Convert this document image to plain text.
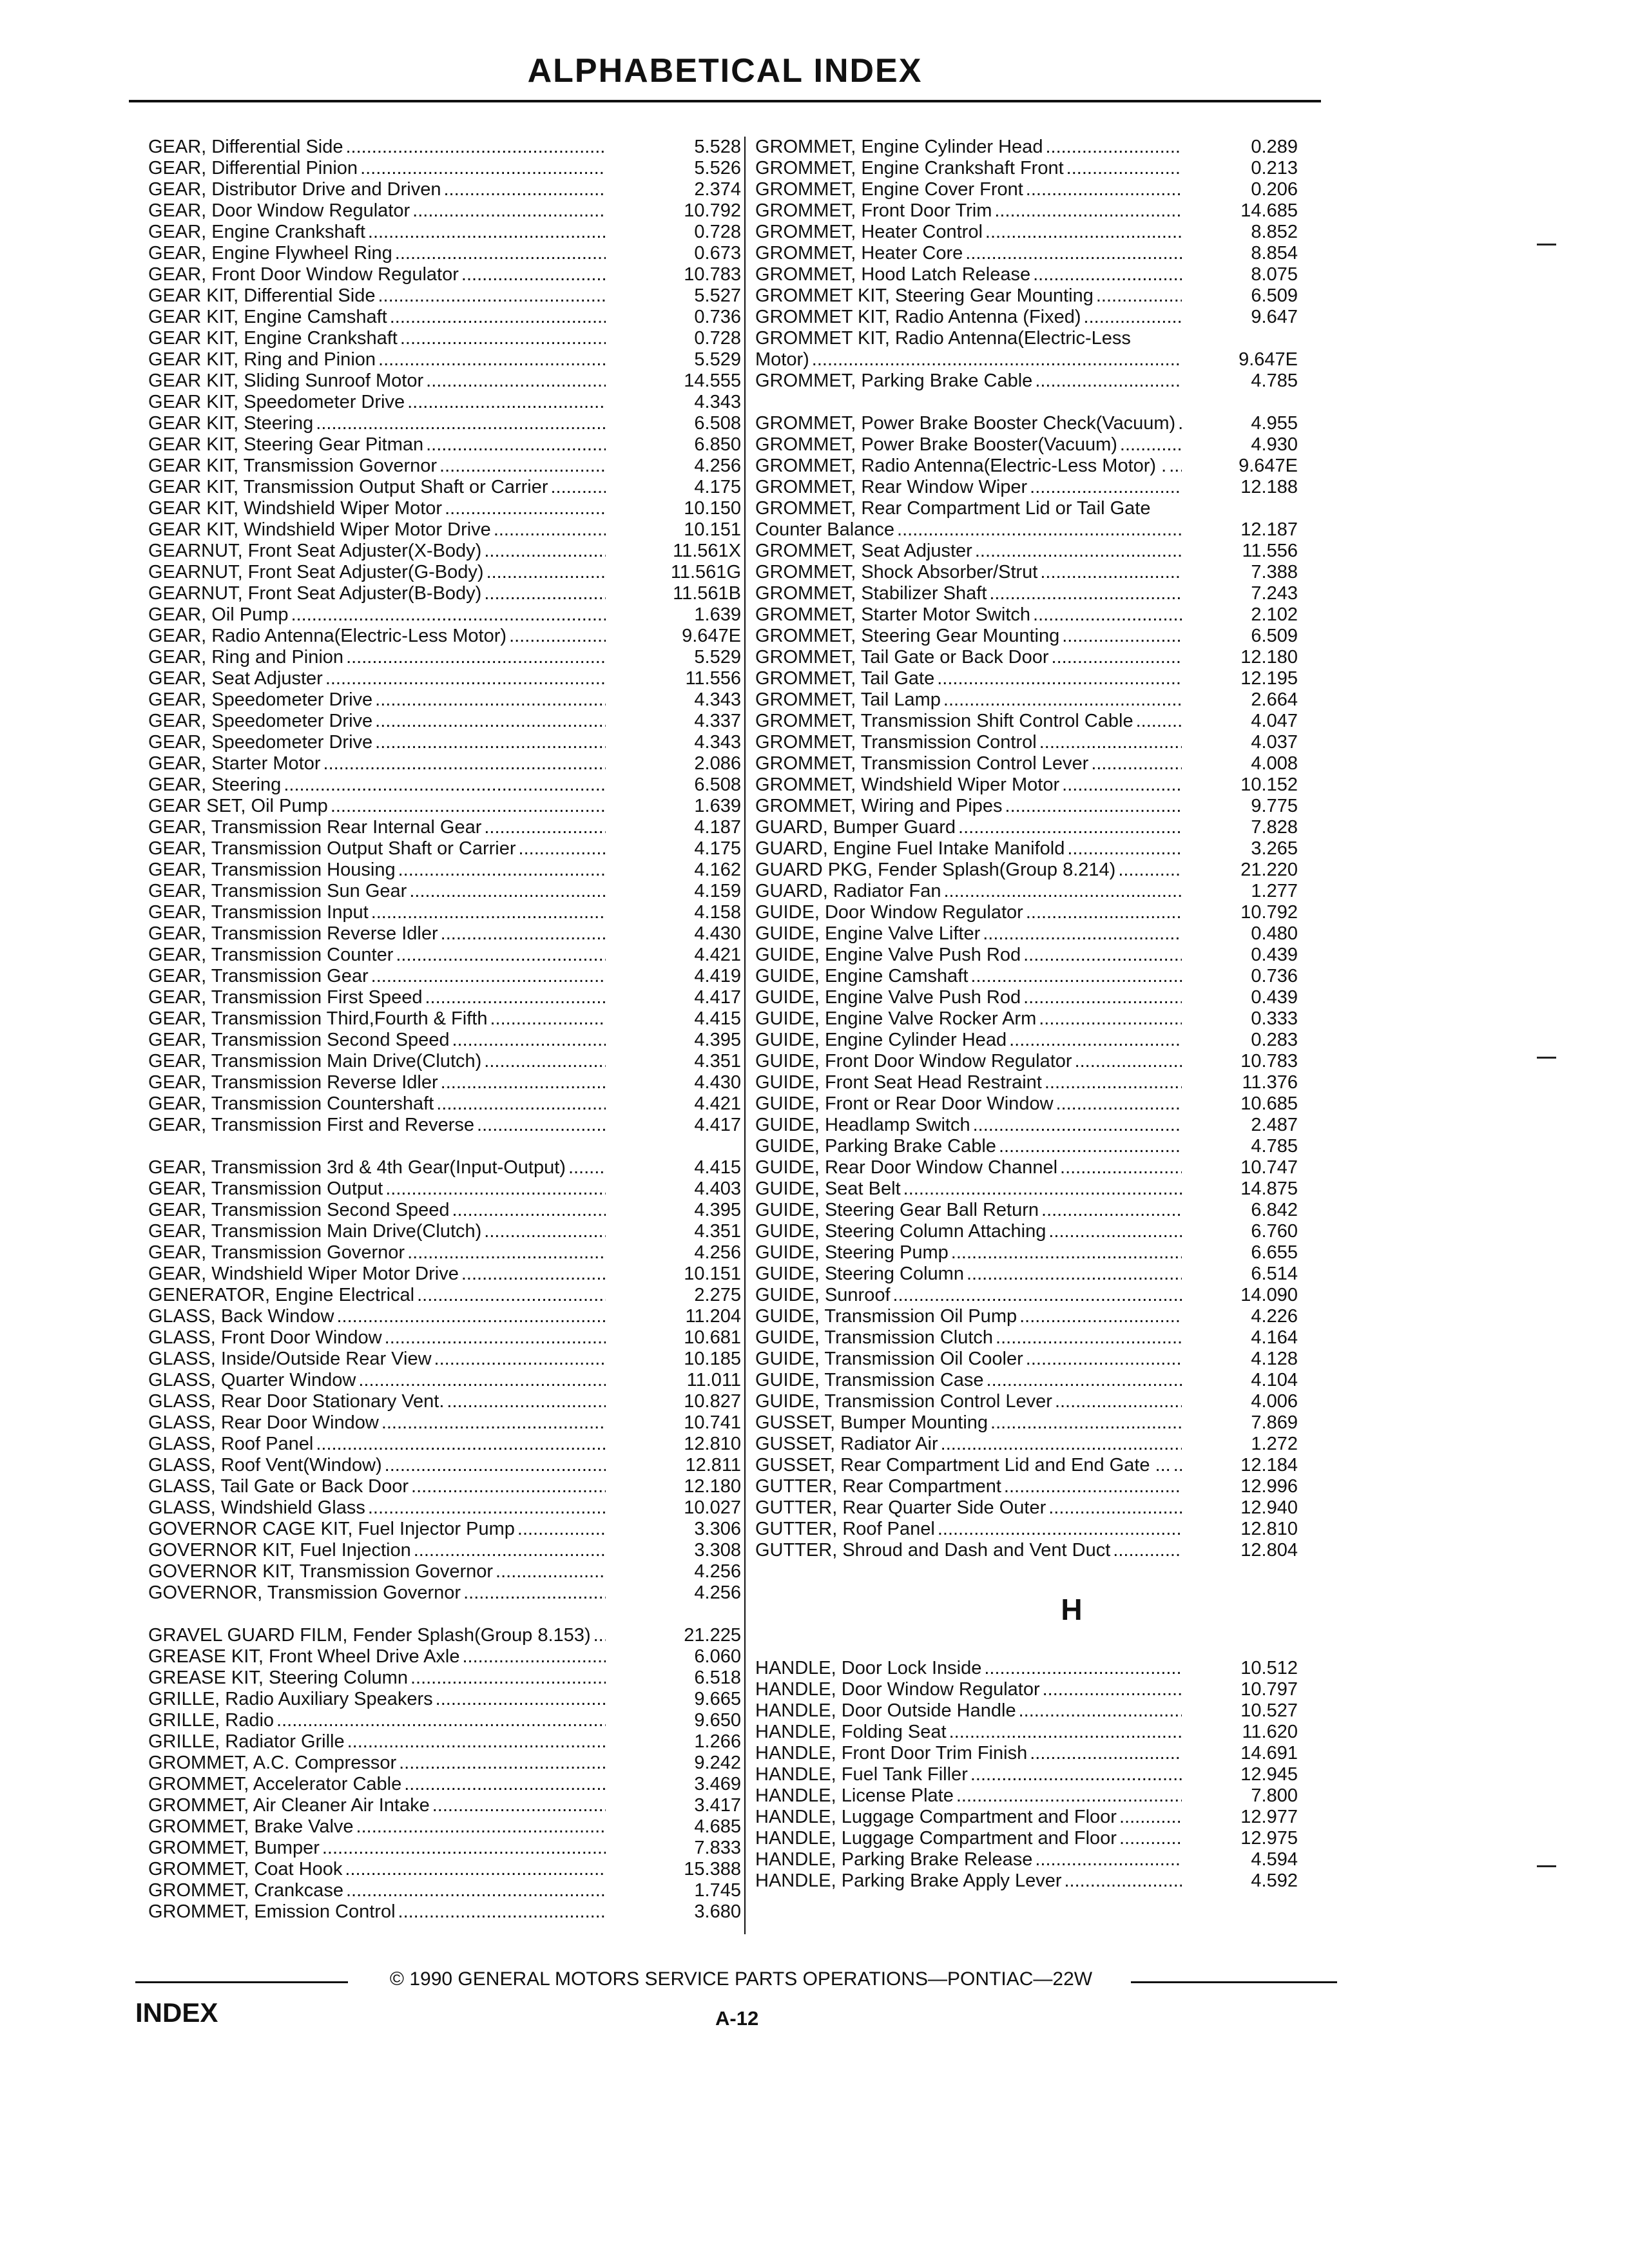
ALPHABETICAL INDEX
GEAR, Differential Side .....	5.528
GEAR, Differential Pinion .....	5.526
GEAR, Distributor Drive and Driven .....	2.374
GEAR, Door Window Regulator .....	10.792
GEAR, Engine Crankshaft .....	0.728
GEAR, Engine Flywheel Ring .....	0.673
GEAR, Front Door Window Regulator .....	10.783
GEAR KIT, Differential Side .....	5.527
GEAR KIT, Engine Camshaft .....	0.736
GEAR KIT, Engine Crankshaft .....	0.728
GEAR KIT, Ring and Pinion .....	5.529
GEAR KIT, Sliding Sunroof Motor .....	14.555
GEAR KIT, Speedometer Drive .....	4.343
GEAR KIT, Steering .....	6.508
GEAR KIT, Steering Gear Pitman .....	6.850
GEAR KIT, Transmission Governor .....	4.256
GEAR KIT, Transmission Output Shaft or Carrier .....	4.175
GEAR KIT, Windshield Wiper Motor .....	10.150
GEAR KIT, Windshield Wiper Motor Drive .....	10.151
GEARNUT, Front Seat Adjuster(X-Body) .....	11.561X
GEARNUT, Front Seat Adjuster(G-Body) .....	11.561G
GEARNUT, Front Seat Adjuster(B-Body) .....	11.561B
GEAR, Oil Pump .....	1.639
GEAR, Radio Antenna(Electric-Less Motor) .....	9.647E
GEAR, Ring and Pinion .....	5.529
GEAR, Seat Adjuster .....	11.556
GEAR, Speedometer Drive .....	4.343
GEAR, Speedometer Drive .....	4.337
GEAR, Speedometer Drive .....	4.343
GEAR, Starter Motor .....	2.086
GEAR, Steering .....	6.508
GEAR SET, Oil Pump .....	1.639
GEAR, Transmission Rear Internal Gear .....	4.187
GEAR, Transmission Output Shaft or Carrier .....	4.175
GEAR, Transmission Housing .....	4.162
GEAR, Transmission Sun Gear .....	4.159
GEAR, Transmission Input .....	4.158
GEAR, Transmission Reverse Idler .....	4.430
GEAR, Transmission Counter .....	4.421
GEAR, Transmission Gear .....	4.419
GEAR, Transmission First Speed .....	4.417
GEAR, Transmission Third,Fourth & Fifth .....	4.415
GEAR, Transmission Second Speed .....	4.395
GEAR, Transmission Main Drive(Clutch) .....	4.351
GEAR, Transmission Reverse Idler .....	4.430
GEAR, Transmission Countershaft .....	4.421
GEAR, Transmission First and Reverse .....	4.417
GEAR, Transmission 3rd & 4th Gear(Input-Output) .....	4.415
GEAR, Transmission Output .....	4.403
GEAR, Transmission Second Speed .....	4.395
GEAR, Transmission Main Drive(Clutch) .....	4.351
GEAR, Transmission Governor .....	4.256
GEAR, Windshield Wiper Motor Drive .....	10.151
GENERATOR, Engine Electrical .....	2.275
GLASS, Back Window .....	11.204
GLASS, Front Door Window .....	10.681
GLASS, Inside/Outside Rear View .....	10.185
GLASS, Quarter Window .....	11.011
GLASS, Rear Door Stationary Vent. .....	10.827
GLASS, Rear Door Window .....	10.741
GLASS, Roof Panel .....	12.810
GLASS, Roof Vent(Window) .....	12.811
GLASS, Tail Gate or Back Door .....	12.180
GLASS, Windshield Glass .....	10.027
GOVERNOR CAGE KIT, Fuel Injector Pump .....	3.306
GOVERNOR KIT, Fuel Injection .....	3.308
GOVERNOR KIT, Transmission Governor .....	4.256
GOVERNOR, Transmission Governor .....	4.256
GRAVEL GUARD FILM, Fender Splash(Group 8.153) .....	21.225
GREASE KIT, Front Wheel Drive Axle .....	6.060
GREASE KIT, Steering Column .....	6.518
GRILLE, Radio Auxiliary Speakers .....	9.665
GRILLE, Radio .....	9.650
GRILLE, Radiator Grille .....	1.266
GROMMET, A.C. Compressor .....	9.242
GROMMET, Accelerator Cable .....	3.469
GROMMET, Air Cleaner Air Intake .....	3.417
GROMMET, Brake Valve .....	4.685
GROMMET, Bumper .....	7.833
GROMMET, Coat Hook .....	15.388
GROMMET, Crankcase .....	1.745
GROMMET, Emission Control .....	3.680
GROMMET, Engine Cylinder Head .....	0.289
GROMMET, Engine Crankshaft Front .....	0.213
GROMMET, Engine Cover Front .....	0.206
GROMMET, Front Door Trim .....	14.685
GROMMET, Heater Control .....	8.852
GROMMET, Heater Core .....	8.854
GROMMET, Hood Latch Release .....	8.075
GROMMET KIT, Steering Gear Mounting .....	6.509
GROMMET KIT, Radio Antenna (Fixed) .....	9.647
GROMMET KIT, Radio Antenna(Electric-Less Motor) .....	9.647E
GROMMET, Parking Brake Cable .....	4.785
GROMMET, Power Brake Booster Check(Vacuum) .....	4.955
GROMMET, Power Brake Booster(Vacuum) .....	4.930
GROMMET, Radio Antenna(Electric-Less Motor) . .....	9.647E
GROMMET, Rear Window Wiper .....	12.188
GROMMET, Rear Compartment Lid or Tail Gate Counter Balance .....	12.187
GROMMET, Seat Adjuster .....	11.556
GROMMET, Shock Absorber/Strut .....	7.388
GROMMET, Stabilizer Shaft .....	7.243
GROMMET, Starter Motor Switch .....	2.102
GROMMET, Steering Gear Mounting .....	6.509
GROMMET, Tail Gate or Back Door .....	12.180
GROMMET, Tail Gate .....	12.195
GROMMET, Tail Lamp .....	2.664
GROMMET, Transmission Shift Control Cable .....	4.047
GROMMET, Transmission Control .....	4.037
GROMMET, Transmission Control Lever .....	4.008
GROMMET, Windshield Wiper Motor .....	10.152
GROMMET, Wiring and Pipes .....	9.775
GUARD, Bumper Guard .....	7.828
GUARD, Engine Fuel Intake Manifold .....	3.265
GUARD PKG, Fender Splash(Group 8.214) .....	21.220
GUARD, Radiator Fan .....	1.277
GUIDE, Door Window Regulator .....	10.792
GUIDE, Engine Valve Lifter .....	0.480
GUIDE, Engine Valve Push Rod .....	0.439
GUIDE, Engine Camshaft .....	0.736
GUIDE, Engine Valve Push Rod .....	0.439
GUIDE, Engine Valve Rocker Arm .....	0.333
GUIDE, Engine Cylinder Head .....	0.283
GUIDE, Front Door Window Regulator .....	10.783
GUIDE, Front Seat Head Restraint .....	11.376
GUIDE, Front or Rear Door Window .....	10.685
GUIDE, Headlamp Switch .....	2.487
GUIDE, Parking Brake Cable .....	4.785
GUIDE, Rear Door Window Channel .....	10.747
GUIDE, Seat Belt .....	14.875
GUIDE, Steering Gear Ball Return .....	6.842
GUIDE, Steering Column Attaching .....	6.760
GUIDE, Steering Pump .....	6.655
GUIDE, Steering Column .....	6.514
GUIDE, Sunroof .....	14.090
GUIDE, Transmission Oil Pump .....	4.226
GUIDE, Transmission Clutch .....	4.164
GUIDE, Transmission Oil Cooler .....	4.128
GUIDE, Transmission Case .....	4.104
GUIDE, Transmission Control Lever .....	4.006
GUSSET, Bumper Mounting .....	7.869
GUSSET, Radiator Air .....	1.272
GUSSET, Rear Compartment Lid and End Gate ... .....	12.184
GUTTER, Rear Compartment .....	12.996
GUTTER, Rear Quarter Side Outer .....	12.940
GUTTER, Roof Panel .....	12.810
GUTTER, Shroud and Dash and Vent Duct .....	12.804
H
HANDLE, Door Lock Inside .....	10.512
HANDLE, Door Window Regulator .....	10.797
HANDLE, Door Outside Handle .....	10.527
HANDLE, Folding Seat .....	11.620
HANDLE, Front Door Trim Finish .....	14.691
HANDLE, Fuel Tank Filler .....	12.945
HANDLE, License Plate .....	7.800
HANDLE, Luggage Compartment and Floor .....	12.977
HANDLE, Luggage Compartment and Floor .....	12.975
HANDLE, Parking Brake Release .....	4.594
HANDLE, Parking Brake Apply Lever .....	4.592
© 1990 GENERAL MOTORS SERVICE PARTS OPERATIONS—PONTIAC—22W
INDEX	A-12
